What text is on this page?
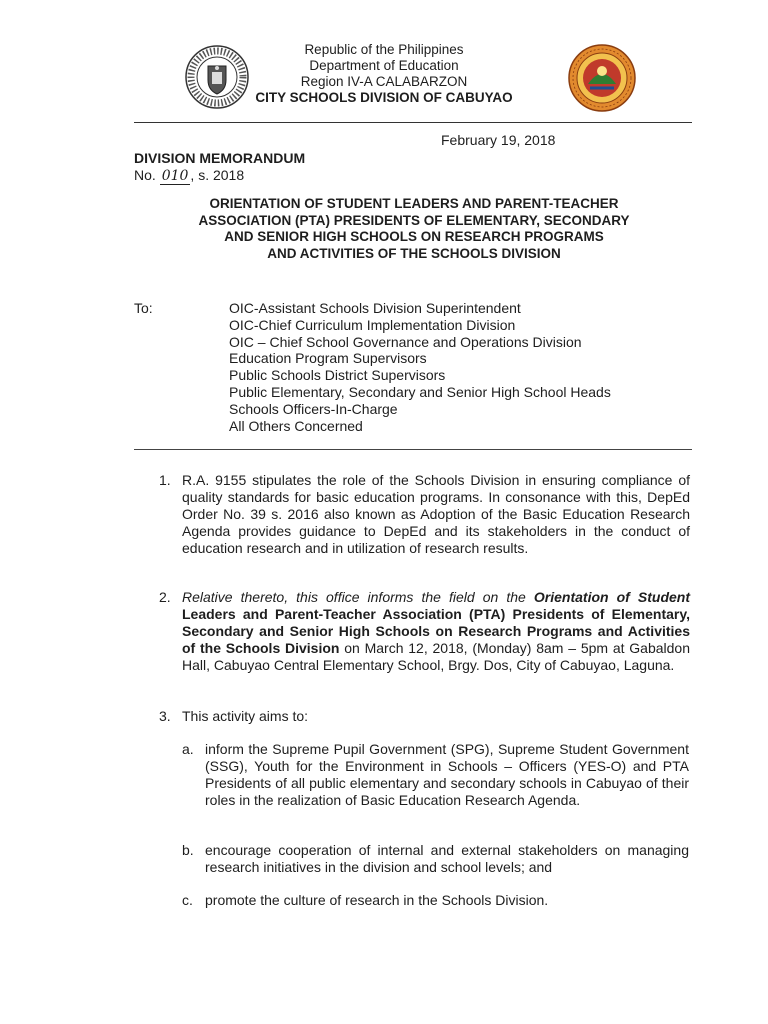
Republic of the Philippines
Department of Education
Region IV-A CALABARZON
CITY SCHOOLS DIVISION OF CABUYAO
February 19, 2018
DIVISION MEMORANDUM
No. 010 , s. 2018
ORIENTATION OF STUDENT LEADERS AND PARENT-TEACHER
ASSOCIATION (PTA) PRESIDENTS OF ELEMENTARY, SECONDARY
AND SENIOR HIGH SCHOOLS ON RESEARCH PROGRAMS
AND ACTIVITIES OF THE SCHOOLS DIVISION
To:	OIC-Assistant Schools Division Superintendent
OIC-Chief Curriculum Implementation Division
OIC – Chief School Governance and Operations Division
Education Program Supervisors
Public Schools District Supervisors
Public Elementary, Secondary and Senior High School Heads
Schools Officers-In-Charge
All Others Concerned
1. R.A. 9155 stipulates the role of the Schools Division in ensuring compliance of quality standards for basic education programs. In consonance with this, DepEd Order No. 39 s. 2016 also known as Adoption of the Basic Education Research Agenda provides guidance to DepEd and its stakeholders in the conduct of education research and in utilization of research results.
2. Relative thereto, this office informs the field on the Orientation of Student Leaders and Parent-Teacher Association (PTA) Presidents of Elementary, Secondary and Senior High Schools on Research Programs and Activities of the Schools Division on March 12, 2018, (Monday) 8am – 5pm at Gabaldon Hall, Cabuyao Central Elementary School, Brgy. Dos, City of Cabuyao, Laguna.
3. This activity aims to:
a. inform the Supreme Pupil Government (SPG), Supreme Student Government (SSG), Youth for the Environment in Schools – Officers (YES-O) and PTA Presidents of all public elementary and secondary schools in Cabuyao of their roles in the realization of Basic Education Research Agenda.
b. encourage cooperation of internal and external stakeholders on managing research initiatives in the division and school levels; and
c. promote the culture of research in the Schools Division.
